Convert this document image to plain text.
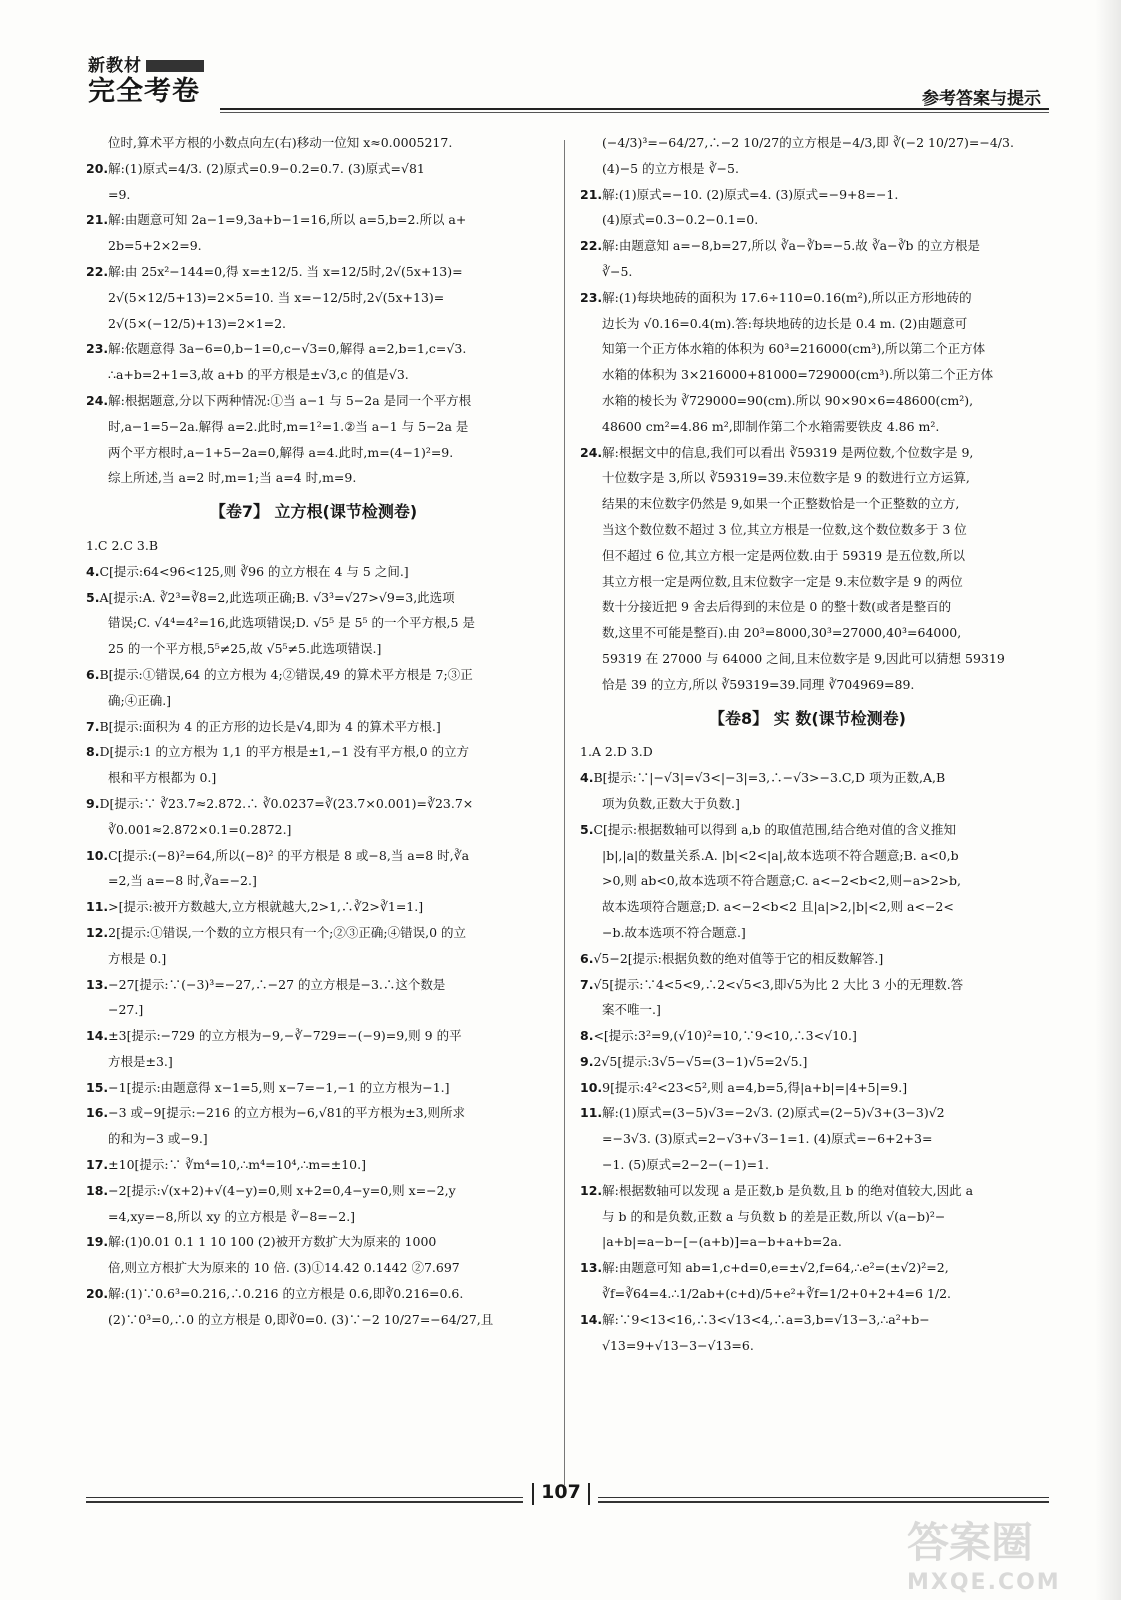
新教材
完全考卷	参考答案与提示

位时,算术平方根的小数点向左(右)移动一位知 x≈0.0005217.

20.解:(1)原式=4/3. (2)原式=0.9−0.2=0.7. (3)原式=√81

=9.

21.解:由题意可知 2a−1=9,3a+b−1=16,所以 a=5,b=2.所以 a+

2b=5+2×2=9.

22.解:由 25x²−144=0,得 x=±12/5. 当 x=12/5时,2√(5x+13)=

2√(5×12/5+13)=2×5=10. 当 x=−12/5时,2√(5x+13)=

2√(5×(−12/5)+13)=2×1=2.

23.解:依题意得 3a−6=0,b−1=0,c−√3=0,解得 a=2,b=1,c=√3.

∴a+b=2+1=3,故 a+b 的平方根是±√3,c 的值是√3.

24.解:根据题意,分以下两种情况:①当 a−1 与 5−2a 是同一个平方根

时,a−1=5−2a.解得 a=2.此时,m=1²=1.②当 a−1 与 5−2a 是

两个平方根时,a−1+5−2a=0,解得 a=4.此时,m=(4−1)²=9.

综上所述,当 a=2 时,m=1;当 a=4 时,m=9.

【卷7】 立方根(课节检测卷)

1.C 2.C 3.B

4.C[提示:64<96<125,则 ∛96 的立方根在 4 与 5 之间.]

5.A[提示:A. ∛2³=∛8=2,此选项正确;B. √3³=√27>√9=3,此选项

错误;C. √4⁴=4²=16,此选项错误;D. √5⁵ 是 5⁵ 的一个平方根,5 是

25 的一个平方根,5⁵≠25,故 √5⁵≠5.此选项错误.]

6.B[提示:①错误,64 的立方根为 4;②错误,49 的算术平方根是 7;③正

确;④正确.]

7.B[提示:面积为 4 的正方形的边长是√4,即为 4 的算术平方根.]

8.D[提示:1 的立方根为 1,1 的平方根是±1,−1 没有平方根,0 的立方

根和平方根都为 0.]

9.D[提示:∵ ∛23.7≈2.872.∴ ∛0.0237=∛(23.7×0.001)=∛23.7×

∛0.001≈2.872×0.1=0.2872.]

10.C[提示:(−8)²=64,所以(−8)² 的平方根是 8 或−8,当 a=8 时,∛a

=2,当 a=−8 时,∛a=−2.]

11.>[提示:被开方数越大,立方根就越大,2>1,∴∛2>∛1=1.]

12.2[提示:①错误,一个数的立方根只有一个;②③正确;④错误,0 的立

方根是 0.]

13.−27[提示:∵(−3)³=−27,∴−27 的立方根是−3.∴这个数是

−27.]

14.±3[提示:−729 的立方根为−9,−∛−729=−(−9)=9,则 9 的平

方根是±3.]

15.−1[提示:由题意得 x−1=5,则 x−7=−1,−1 的立方根为−1.]

16.−3 或−9[提示:−216 的立方根为−6,√81的平方根为±3,则所求

的和为−3 或−9.]

17.±10[提示:∵ ∛m⁴=10,∴m⁴=10⁴,∴m=±10.]

18.−2[提示:√(x+2)+√(4−y)=0,则 x+2=0,4−y=0,则 x=−2,y

=4,xy=−8,所以 xy 的立方根是 ∛−8=−2.]

19.解:(1)0.01 0.1 1 10 100 (2)被开方数扩大为原来的 1000

倍,则立方根扩大为原来的 10 倍. (3)①14.42 0.1442 ②7.697

20.解:(1)∵0.6³=0.216,∴0.216 的立方根是 0.6,即∛0.216=0.6.

(2)∵0³=0,∴0 的立方根是 0,即∛0=0. (3)∵−2 10/27=−64/27,且

(−4/3)³=−64/27,∴−2 10/27的立方根是−4/3,即 ∛(−2 10/27)=−4/3.

(4)−5 的立方根是 ∛−5.

21.解:(1)原式=−10. (2)原式=4. (3)原式=−9+8=−1.

(4)原式=0.3−0.2−0.1=0.

22.解:由题意知 a=−8,b=27,所以 ∛a−∛b=−5.故 ∛a−∛b 的立方根是

∛−5.

23.解:(1)每块地砖的面积为 17.6÷110=0.16(m²),所以正方形地砖的

边长为 √0.16=0.4(m).答:每块地砖的边长是 0.4 m. (2)由题意可

知第一个正方体水箱的体积为 60³=216000(cm³),所以第二个正方体

水箱的体积为 3×216000+81000=729000(cm³).所以第二个正方体

水箱的棱长为 ∛729000=90(cm).所以 90×90×6=48600(cm²),

48600 cm²=4.86 m²,即制作第二个水箱需要铁皮 4.86 m².

24.解:根据文中的信息,我们可以看出 ∛59319 是两位数,个位数字是 9,

十位数字是 3,所以 ∛59319=39.末位数字是 9 的数进行立方运算,

结果的末位数字仍然是 9,如果一个正整数恰是一个正整数的立方,

当这个数位数不超过 3 位,其立方根是一位数,这个数位数多于 3 位

但不超过 6 位,其立方根一定是两位数.由于 59319 是五位数,所以

其立方根一定是两位数,且末位数字一定是 9.末位数字是 9 的两位

数十分接近把 9 舍去后得到的末位是 0 的整十数(或者是整百的

数,这里不可能是整百).由 20³=8000,30³=27000,40³=64000,

59319 在 27000 与 64000 之间,且末位数字是 9,因此可以猜想 59319

恰是 39 的立方,所以 ∛59319=39.同理 ∛704969=89.

【卷8】 实 数(课节检测卷)

1.A 2.D 3.D

4.B[提示:∵|−√3|=√3<|−3|=3,∴−√3>−3.C,D 项为正数,A,B

项为负数,正数大于负数.]

5.C[提示:根据数轴可以得到 a,b 的取值范围,结合绝对值的含义推知

|b|,|a|的数量关系.A. |b|<2<|a|,故本选项不符合题意;B. a<0,b

>0,则 ab<0,故本选项不符合题意;C. a<−2<b<2,则−a>2>b,

故本选项符合题意;D. a<−2<b<2 且|a|>2,|b|<2,则 a<−2<

−b.故本选项不符合题意.]

6.√5−2[提示:根据负数的绝对值等于它的相反数解答.]

7.√5[提示:∵4<5<9,∴2<√5<3,即√5为比 2 大比 3 小的无理数.答

案不唯一.]

8.<[提示:3²=9,(√10)²=10,∵9<10,∴3<√10.]

9.2√5[提示:3√5−√5=(3−1)√5=2√5.]

10.9[提示:4²<23<5²,则 a=4,b=5,得|a+b|=|4+5|=9.]

11.解:(1)原式=(3−5)√3=−2√3. (2)原式=(2−5)√3+(3−3)√2

=−3√3. (3)原式=2−√3+√3−1=1. (4)原式=−6+2+3=

−1. (5)原式=2−2−(−1)=1.

12.解:根据数轴可以发现 a 是正数,b 是负数,且 b 的绝对值较大,因此 a

与 b 的和是负数,正数 a 与负数 b 的差是正数,所以 √(a−b)²−

|a+b|=a−b−[−(a+b)]=a−b+a+b=2a.

13.解:由题意可知 ab=1,c+d=0,e=±√2,f=64,∴e²=(±√2)²=2,

∛f=∛64=4.∴1/2ab+(c+d)/5+e²+∛f=1/2+0+2+4=6 1/2.

14.解:∵9<13<16,∴3<√13<4,∴a=3,b=√13−3,∴a²+b−

√13=9+√13−3−√13=6.

107
答案圈
MXQE.COM
